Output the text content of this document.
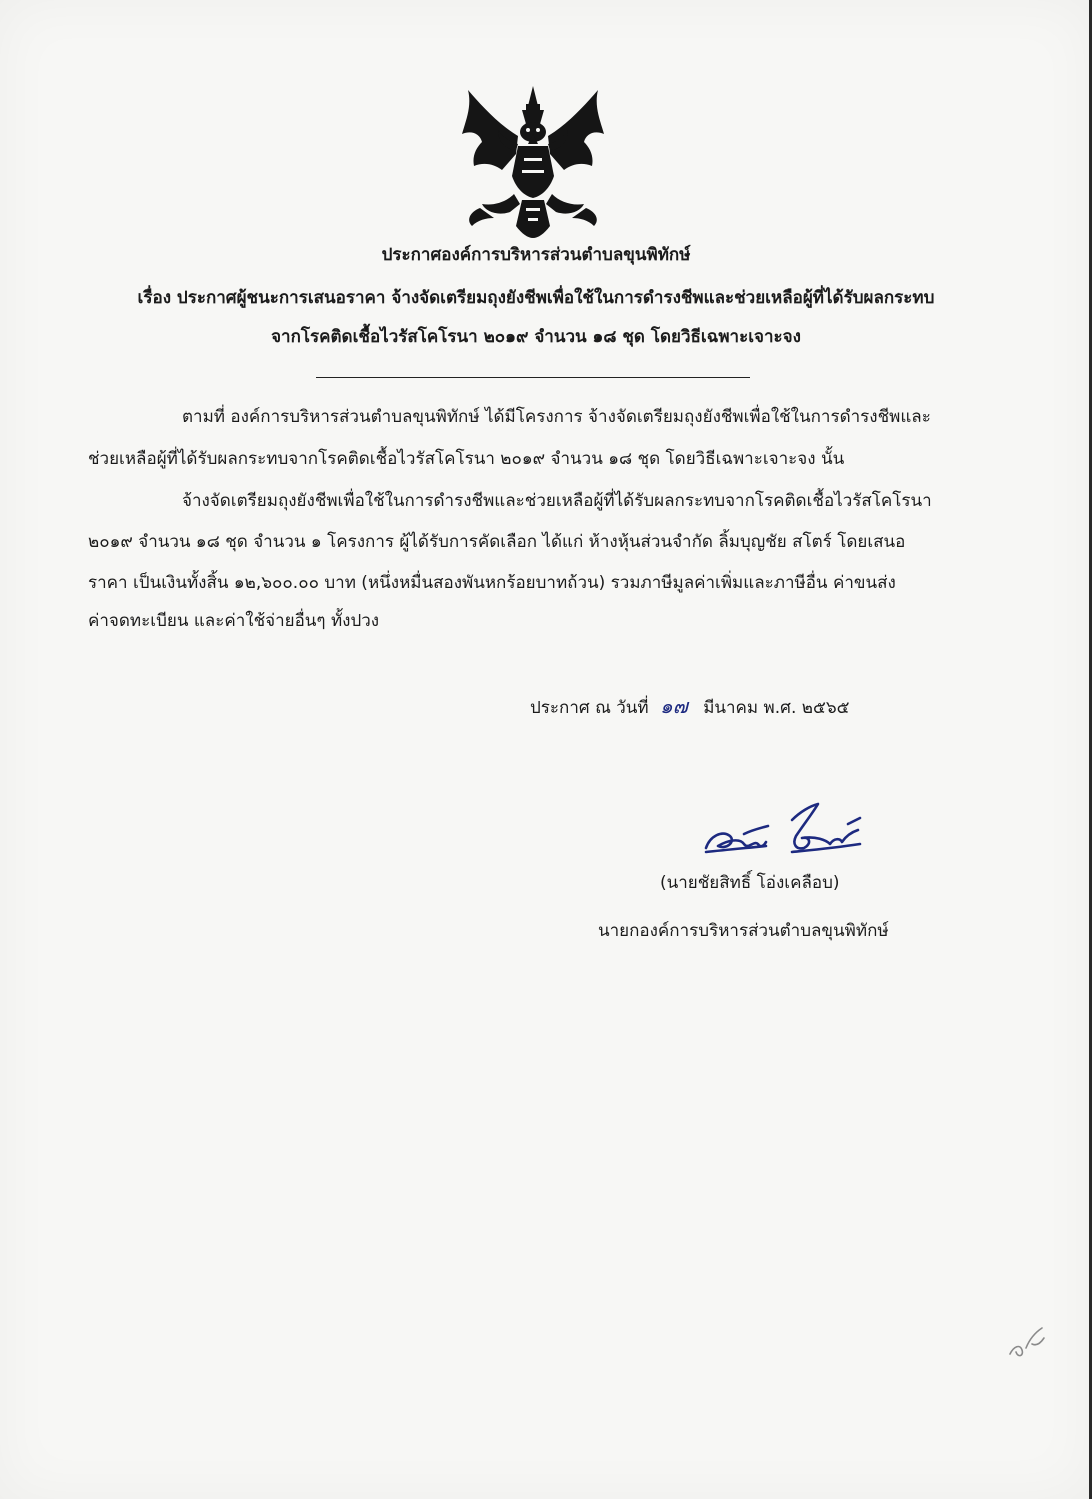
ประกาศองค์การบริหารส่วนตำบลขุนพิทักษ์
เรื่อง ประกาศผู้ชนะการเสนอราคา จ้างจัดเตรียมถุงยังชีพเพื่อใช้ในการดำรงชีพและช่วยเหลือผู้ที่ได้รับผลกระทบ
จากโรคติดเชื้อไวรัสโคโรนา ๒๐๑๙ จำนวน ๑๘ ชุด โดยวิธีเฉพาะเจาะจง
ตามที่ องค์การบริหารส่วนตำบลขุนพิทักษ์ ได้มีโครงการ จ้างจัดเตรียมถุงยังชีพเพื่อใช้ในการดำรงชีพและ
ช่วยเหลือผู้ที่ได้รับผลกระทบจากโรคติดเชื้อไวรัสโคโรนา ๒๐๑๙ จำนวน ๑๘ ชุด โดยวิธีเฉพาะเจาะจง นั้น
จ้างจัดเตรียมถุงยังชีพเพื่อใช้ในการดำรงชีพและช่วยเหลือผู้ที่ได้รับผลกระทบจากโรคติดเชื้อไวรัสโคโรนา
๒๐๑๙ จำนวน ๑๘ ชุด จำนวน ๑ โครงการ ผู้ได้รับการคัดเลือก ได้แก่ ห้างหุ้นส่วนจำกัด ลิ้มบุญชัย สโตร์ โดยเสนอ
ราคา เป็นเงินทั้งสิ้น ๑๒,๖๐๐.๐๐ บาท (หนึ่งหมื่นสองพันหกร้อยบาทถ้วน) รวมภาษีมูลค่าเพิ่มและภาษีอื่น ค่าขนส่ง
ค่าจดทะเบียน และค่าใช้จ่ายอื่นๆ ทั้งปวง
ประกาศ ณ วันที่ ๑๗ มีนาคม พ.ศ. ๒๕๖๕
(นายชัยสิทธิ์ โอ่งเคลือบ)
นายกองค์การบริหารส่วนตำบลขุนพิทักษ์
